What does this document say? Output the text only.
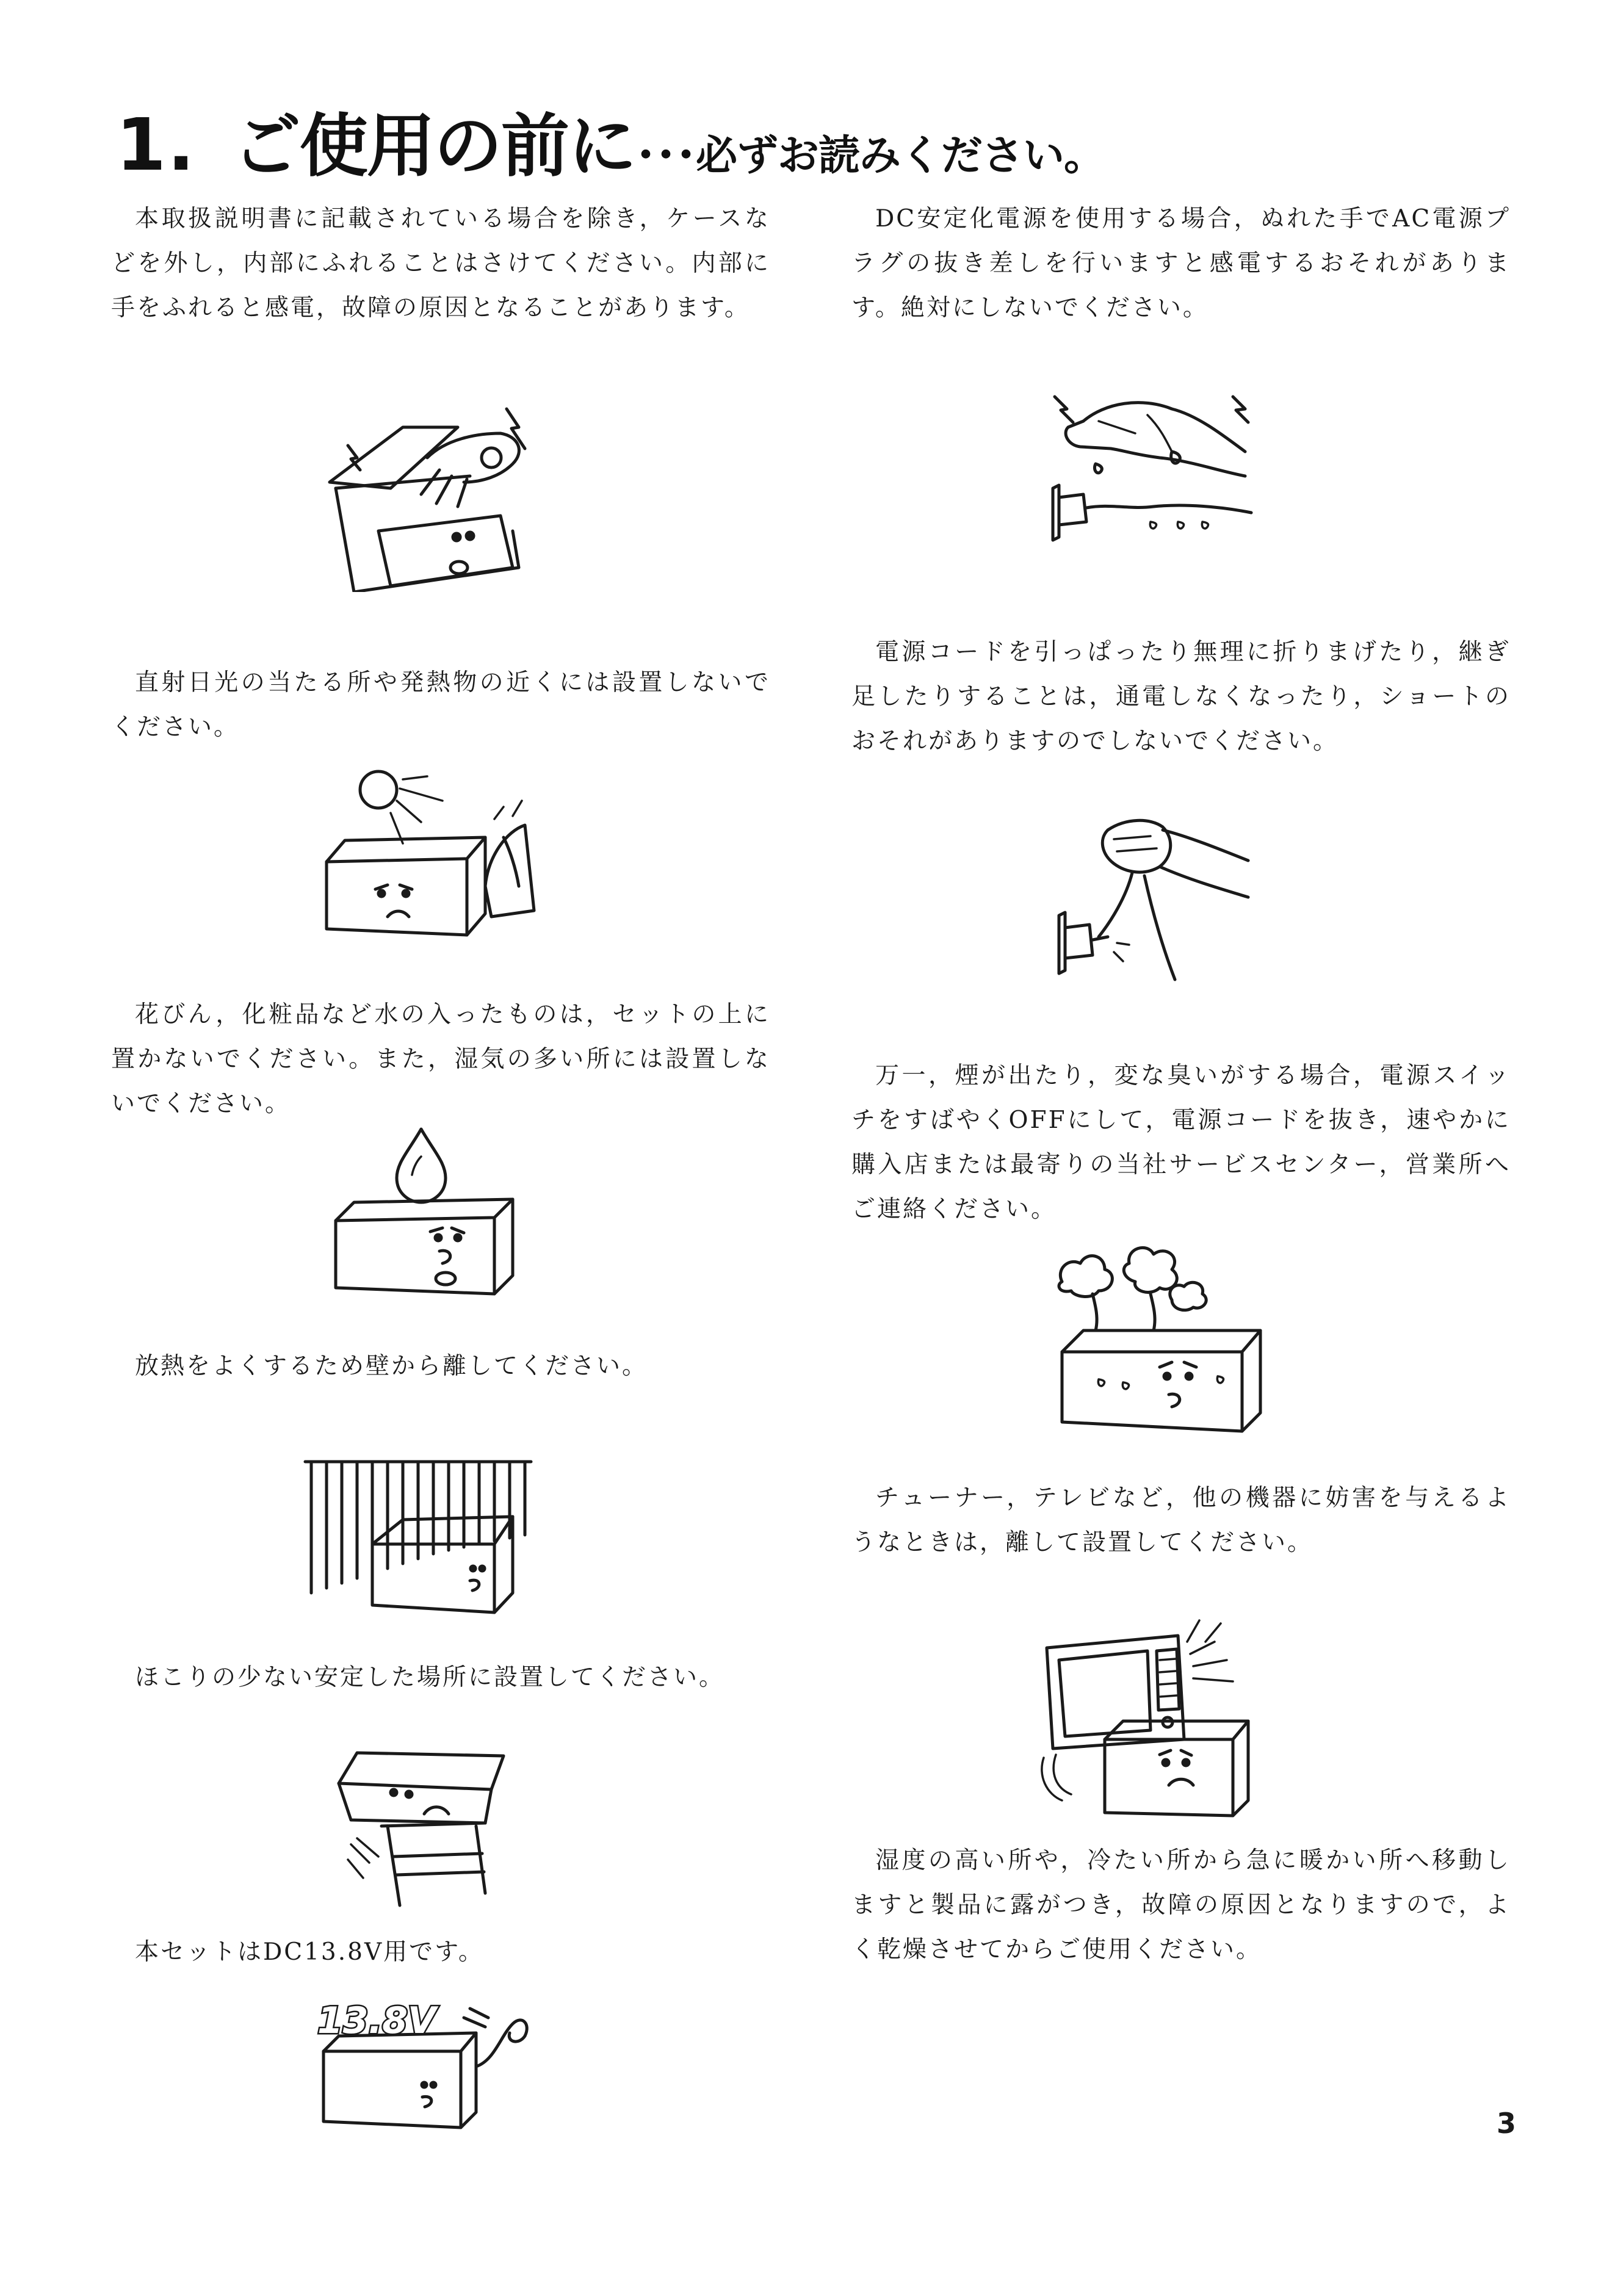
1. ご使用の前に･･･必ずお読みください。

本取扱説明書に記載されている場合を除き，ケースなどを外し，内部にふれることはさけてください。内部に手をふれると感電，故障の原因となることがあります。

直射日光の当たる所や発熱物の近くには設置しないでください。

花びん，化粧品など水の入ったものは，セットの上に置かないでください。また，湿気の多い所には設置しないでください。

放熱をよくするため壁から離してください。

ほこりの少ない安定した場所に設置してください。

本セットはDC13.8V用です。

13.8V

DC安定化電源を使用する場合，ぬれた手でAC電源プラグの抜き差しを行いますと感電するおそれがあります。絶対にしないでください。

電源コードを引っぱったり無理に折りまげたり，継ぎ足したりすることは，通電しなくなったり，ショートのおそれがありますのでしないでください。

万一，煙が出たり，変な臭いがする場合，電源スイッチをすばやくOFFにして，電源コードを抜き，速やかに購入店または最寄りの当社サービスセンター，営業所へご連絡ください。

チューナー，テレビなど，他の機器に妨害を与えるようなときは，離して設置してください。

湿度の高い所や，冷たい所から急に暖かい所へ移動しますと製品に露がつき，故障の原因となりますので，よく乾燥させてからご使用ください。

3
